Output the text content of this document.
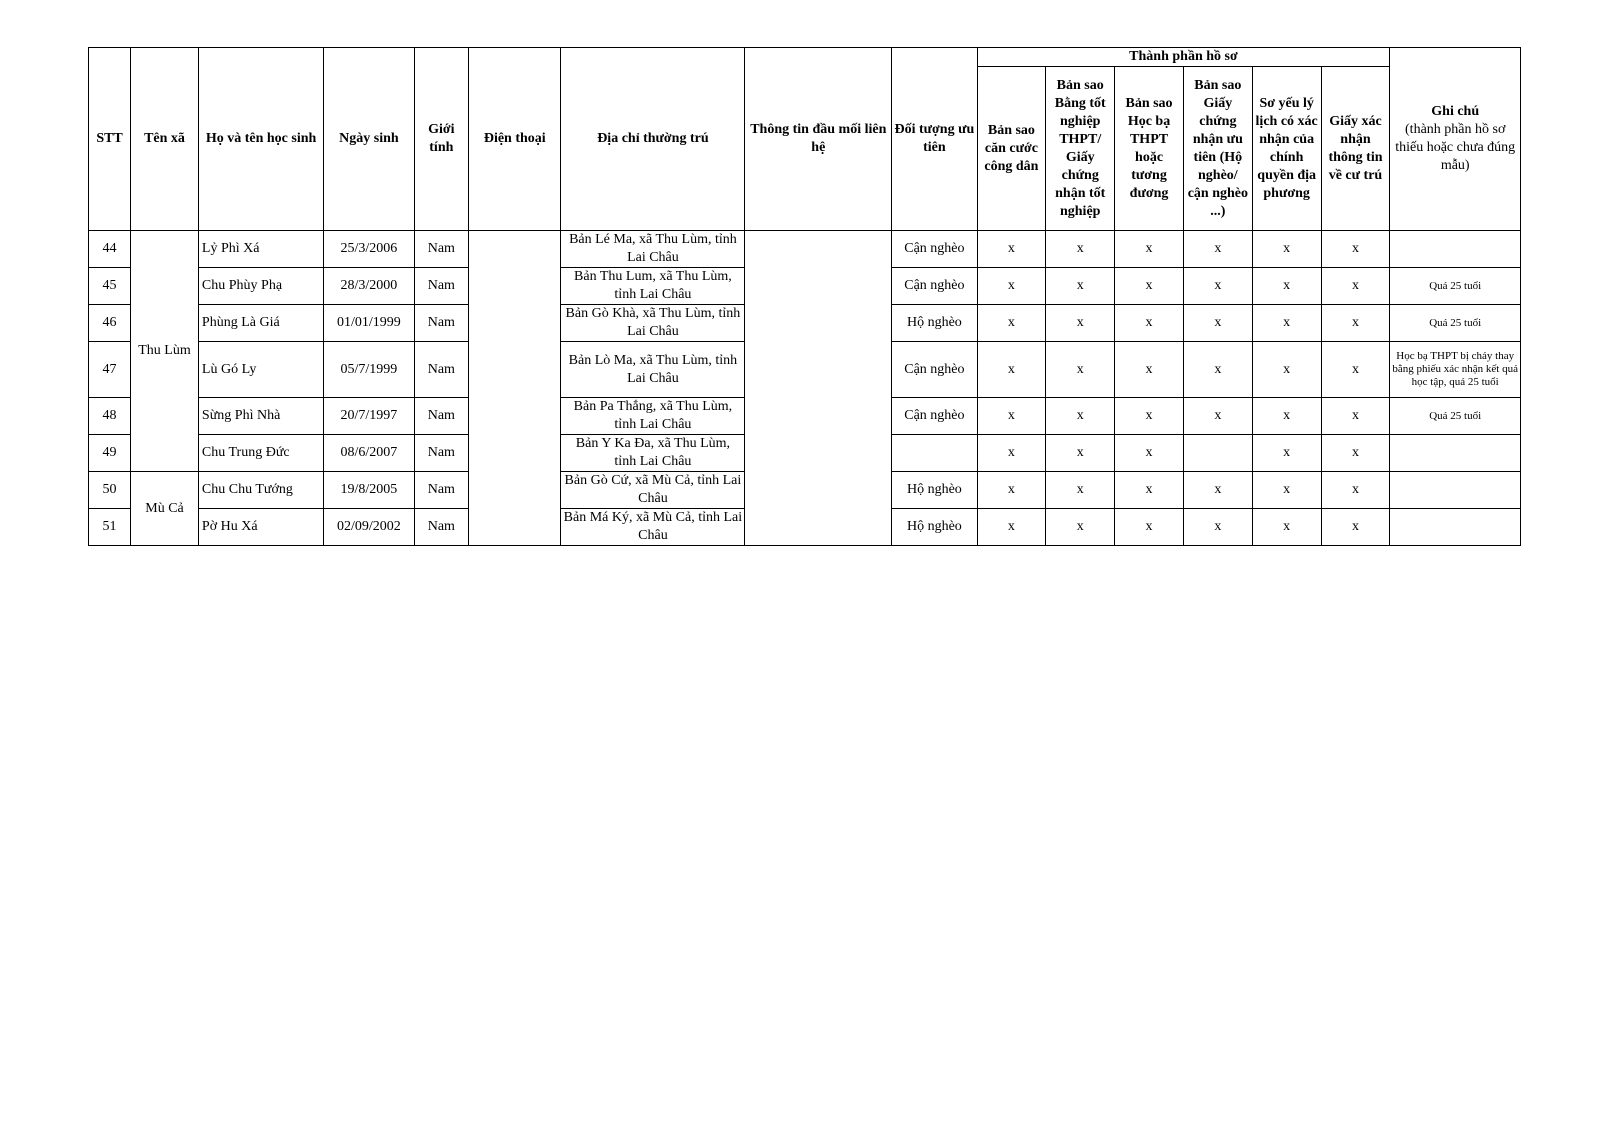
STT	Tên xã	Họ và tên học sinh	Ngày sinh	Giới tính	Điện thoại	Địa chỉ thường trú	Thông tin đầu mối liên hệ	Đối tượng ưu tiên	Thành phần hồ sơ						Ghi chú
(thành phần hồ sơ thiếu hoặc chưa đúng mẫu)

									Bản sao căn cước công dân	Bản sao Bằng tốt nghiệp THPT/ Giấy chứng nhận tốt nghiệp	Bản sao Học bạ THPT hoặc tương đương	Bản sao Giấy chứng nhận ưu tiên (Hộ nghèo/ cận nghèo ...)	Sơ yếu lý lịch có xác nhận của chính quyền địa phương	Giấy xác nhận thông tin về cư trú	
44	Thu Lùm	Lỷ Phì Xá	25/3/2006	Nam		Bản Lé Ma, xã Thu Lùm, tỉnh Lai Châu		Cận nghèo	x	x	x	x	x	x	
45		Chu Phùy Phạ	28/3/2000	Nam		Bản Thu Lum, xã Thu Lùm, tỉnh Lai Châu		Cận nghèo	x	x	x	x	x	x	Quá 25 tuổi
46		Phùng Là Giá	01/01/1999	Nam		Bản Gò Khà, xã Thu Lùm, tỉnh Lai Châu		Hộ nghèo	x	x	x	x	x	x	Quá 25 tuổi
47		Lù Gó Ly	05/7/1999	Nam		Bản Lò Ma, xã Thu Lùm, tỉnh Lai Châu		Cận nghèo	x	x	x	x	x	x	Học bạ THPT bị cháy thay bằng phiếu xác nhận kết quả học tập, quá 25 tuổi
48		Sừng Phì Nhà	20/7/1997	Nam		Bản Pa Thắng, xã Thu Lùm, tỉnh Lai Châu		Cận nghèo	x	x	x	x	x	x	Quá 25 tuổi
49		Chu Trung Đức	08/6/2007	Nam		Bản Y Ka Đa, xã Thu Lùm, tỉnh Lai Châu			x	x	x		x	x	
50	Mù Cả	Chu Chu Tướng	19/8/2005	Nam		Bản Gò Cứ, xã Mù Cả, tỉnh Lai Châu		Hộ nghèo	x	x	x	x	x	x	
51		Pờ Hu Xá	02/09/2002	Nam		Bản Má Ký, xã Mù Cả, tỉnh Lai Châu		Hộ nghèo	x	x	x	x	x	x	
